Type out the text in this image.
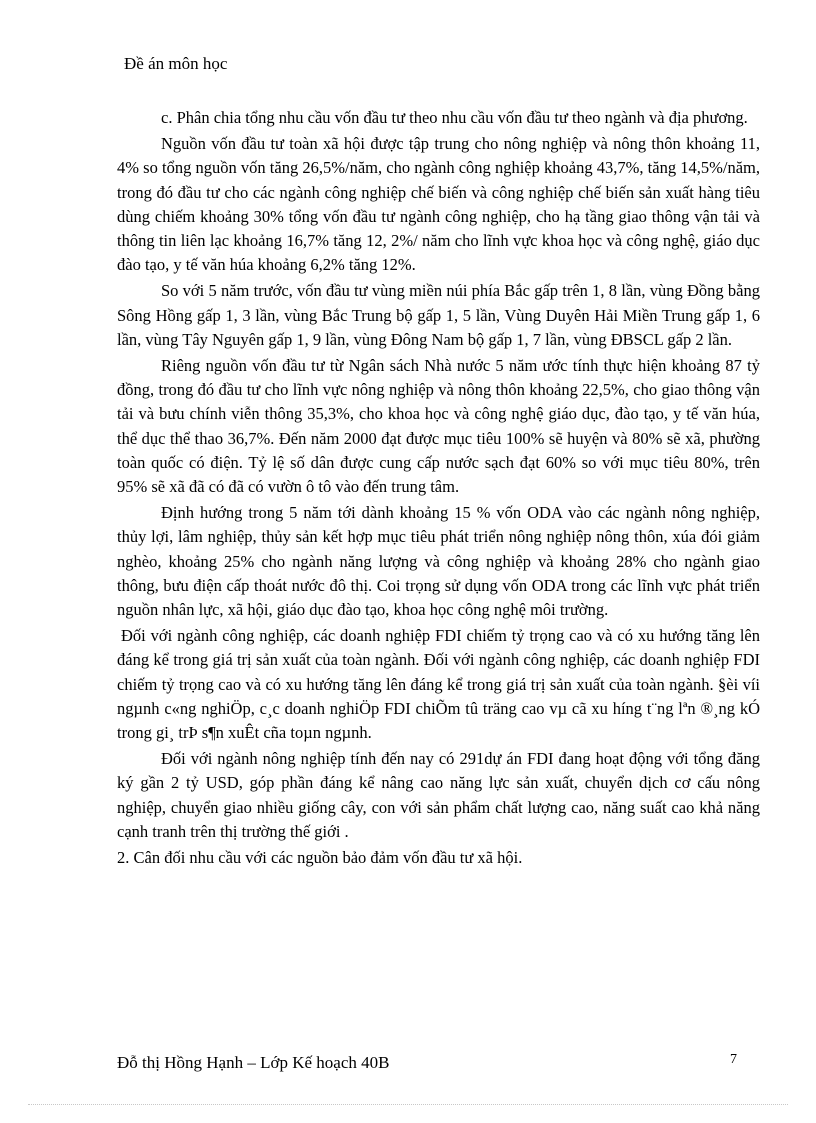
Đề án môn học

c. Phân chia tổng nhu cầu vốn đầu tư theo nhu cầu vốn đầu tư theo ngành và địa phương.

Nguồn vốn đầu tư toàn xã hội được tập trung cho nông nghiệp và nông thôn khoảng 11, 4% so tổng nguồn vốn tăng 26,5%/năm, cho ngành công nghiệp khoảng 43,7%, tăng 14,5%/năm, trong đó đầu tư cho các ngành công nghiệp chế biến và công nghiệp chế biến sản xuất hàng tiêu dùng chiếm khoảng 30% tổng vốn đầu tư ngành công nghiệp, cho hạ tầng giao thông vận tải và thông tin liên lạc khoảng 16,7% tăng 12, 2%/ năm cho lĩnh vực khoa học và công nghệ, giáo dục đào tạo, y tế văn húa khoảng 6,2% tăng 12%.

So với 5 năm trước, vốn đầu tư vùng miền núi phía Bắc gấp trên 1, 8 lần, vùng Đồng bằng Sông Hồng gấp 1, 3 lần, vùng Bắc Trung bộ gấp 1, 5 lần, Vùng Duyên Hải Miền Trung gấp 1, 6 lần, vùng Tây Nguyên gấp 1, 9 lần, vùng Đông Nam bộ gấp 1, 7 lần, vùng ĐBSCL gấp 2 lần.

Riêng nguồn vốn đầu tư từ Ngân sách Nhà nước 5 năm ước tính thực hiện khoảng 87 tỷ đồng, trong đó đầu tư cho lĩnh vực nông nghiệp và nông thôn khoảng 22,5%, cho giao thông vận tải và bưu chính viễn thông 35,3%, cho khoa học và công nghệ giáo dục, đào tạo, y tế văn húa, thể dục thể thao 36,7%. Đến năm 2000 đạt được mục tiêu 100% sẽ huyện và 80% sẽ xã, phường toàn quốc có điện. Tỷ lệ số dân được cung cấp nước sạch đạt 60% so với mục tiêu 80%, trên 95% sẽ xã đã có đã có vườn ô tô vào đến trung tâm.

Định hướng trong 5 năm tới dành khoảng 15 % vốn ODA vào các ngành nông nghiệp, thủy lợi, lâm nghiệp, thủy sản kết hợp mục tiêu phát triển nông nghiệp nông thôn, xúa đói giảm nghèo, khoảng 25% cho ngành năng lượng và công nghiệp và khoảng 28% cho ngành giao thông, bưu điện cấp thoát nước đô thị. Coi trọng sử dụng vốn ODA trong các lĩnh vực phát triển nguồn nhân lực, xã hội, giáo dục đào tạo, khoa học công nghệ môi trường.

Đối với ngành công nghiệp, các doanh nghiệp FDI chiếm tỷ trọng cao và có xu hướng tăng lên đáng kể trong giá trị sản xuất của toàn ngành. Đối với ngành công nghiệp, các doanh nghiệp FDI chiếm tỷ trọng cao và có xu hướng tăng lên đáng kể trong giá trị sản xuất của toàn ngành. §èi víi ngµnh c«ng nghiÖp, c¸c doanh nghiÖp FDI chiÕm tû träng cao vµ cã xu híng t¨ng lªn ®¸ng kÓ trong gi¸ trÞ s¶n xuÊt cña toµn ngµnh.

Đối với ngành nông nghiệp tính đến nay có 291dự án FDI đang hoạt động với tổng đăng ký gần 2 tỷ USD, góp phần đáng kể nâng cao năng lực sản xuất, chuyển dịch cơ cấu nông nghiệp, chuyển giao nhiều giống cây, con với sản phẩm chất lượng cao, năng suất cao khả năng cạnh tranh trên thị trường thế giới .

2. Cân đối nhu cầu với các nguồn bảo đảm vốn đầu tư xã hội.

Đỗ thị Hồng Hạnh – Lớp Kế hoạch 40B	7
